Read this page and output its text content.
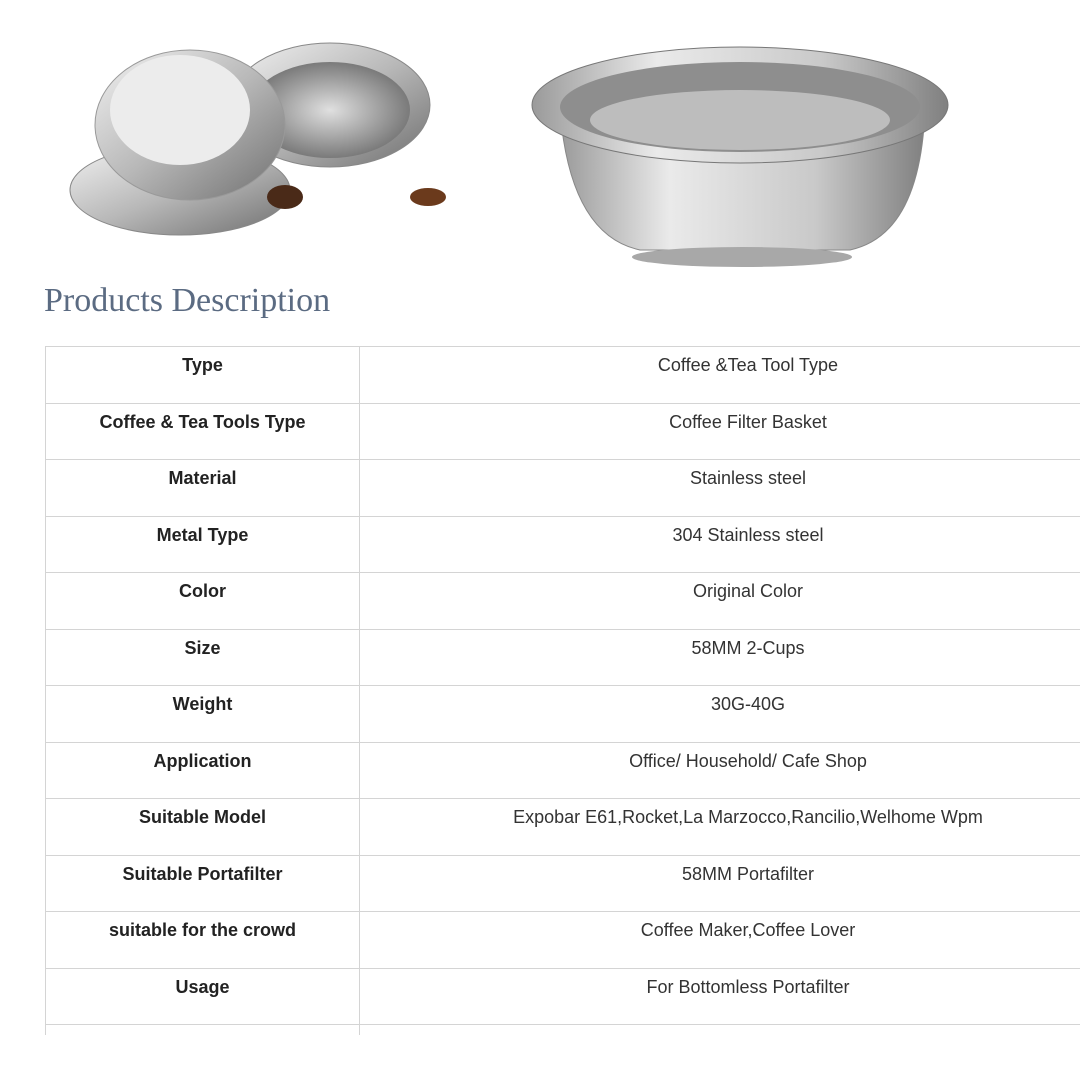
Products Description
Type	Coffee &Tea Tool Type
Coffee & Tea Tools Type	Coffee Filter Basket
Material	Stainless steel
Metal Type	304 Stainless steel
Color	Original Color
Size	58MM 2-Cups
Weight	30G-40G
Application	Office/ Household/ Cafe Shop
Suitable Model	Expobar E61,Rocket,La Marzocco,Rancilio,Welhome Wpm
Suitable Portafilter	58MM Portafilter
suitable for the crowd	Coffee Maker,Coffee Lover
Usage	For Bottomless Portafilter
